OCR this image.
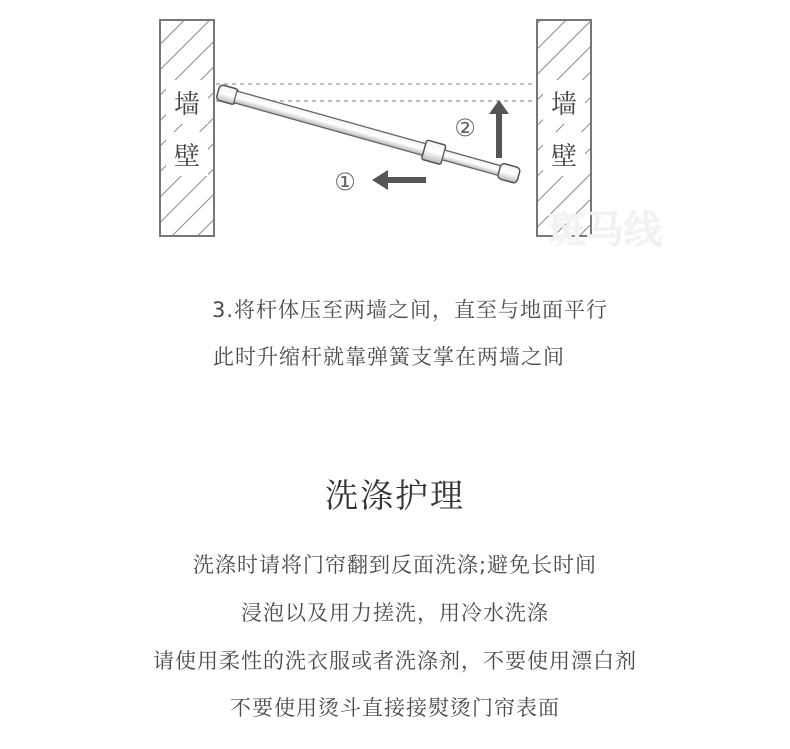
墙
壁
墙
壁
②
①
斑马线
3.将杆体压至两墙之间，直至与地面平行
此时升缩杆就靠弹簧支掌在两墙之间
洗涤护理
洗涤时请将门帘翻到反面洗涤;避免长时间
浸泡以及用力搓洗，用冷水洗涤
请使用柔性的洗衣服或者洗涤剂，不要使用漂白剂
不要使用烫斗直接接熨烫门帘表面
